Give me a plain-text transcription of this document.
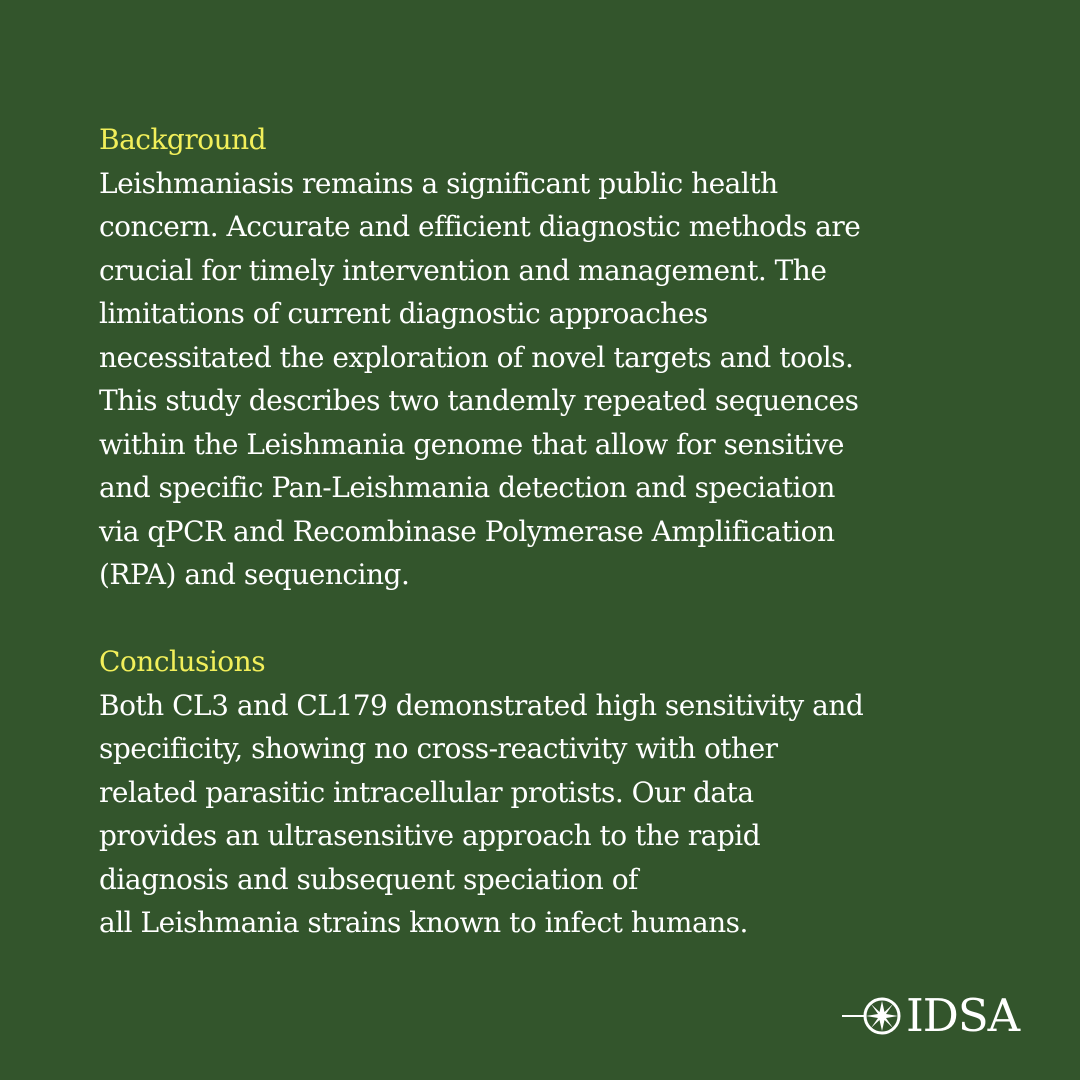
Background

Leishmaniasis remains a significant public health
concern. Accurate and efficient diagnostic methods are
crucial for timely intervention and management. The
limitations of current diagnostic approaches
necessitated the exploration of novel targets and tools.
This study describes two tandemly repeated sequences
within the Leishmania genome that allow for sensitive
and specific Pan-Leishmania detection and speciation
via qPCR and Recombinase Polymerase Amplification
(RPA) and sequencing.

Conclusions

Both CL3 and CL179 demonstrated high sensitivity and
specificity, showing no cross-reactivity with other
related parasitic intracellular protists. Our data
provides an ultrasensitive approach to the rapid
diagnosis and subsequent speciation of
all Leishmania strains known to infect humans.

IDSA
